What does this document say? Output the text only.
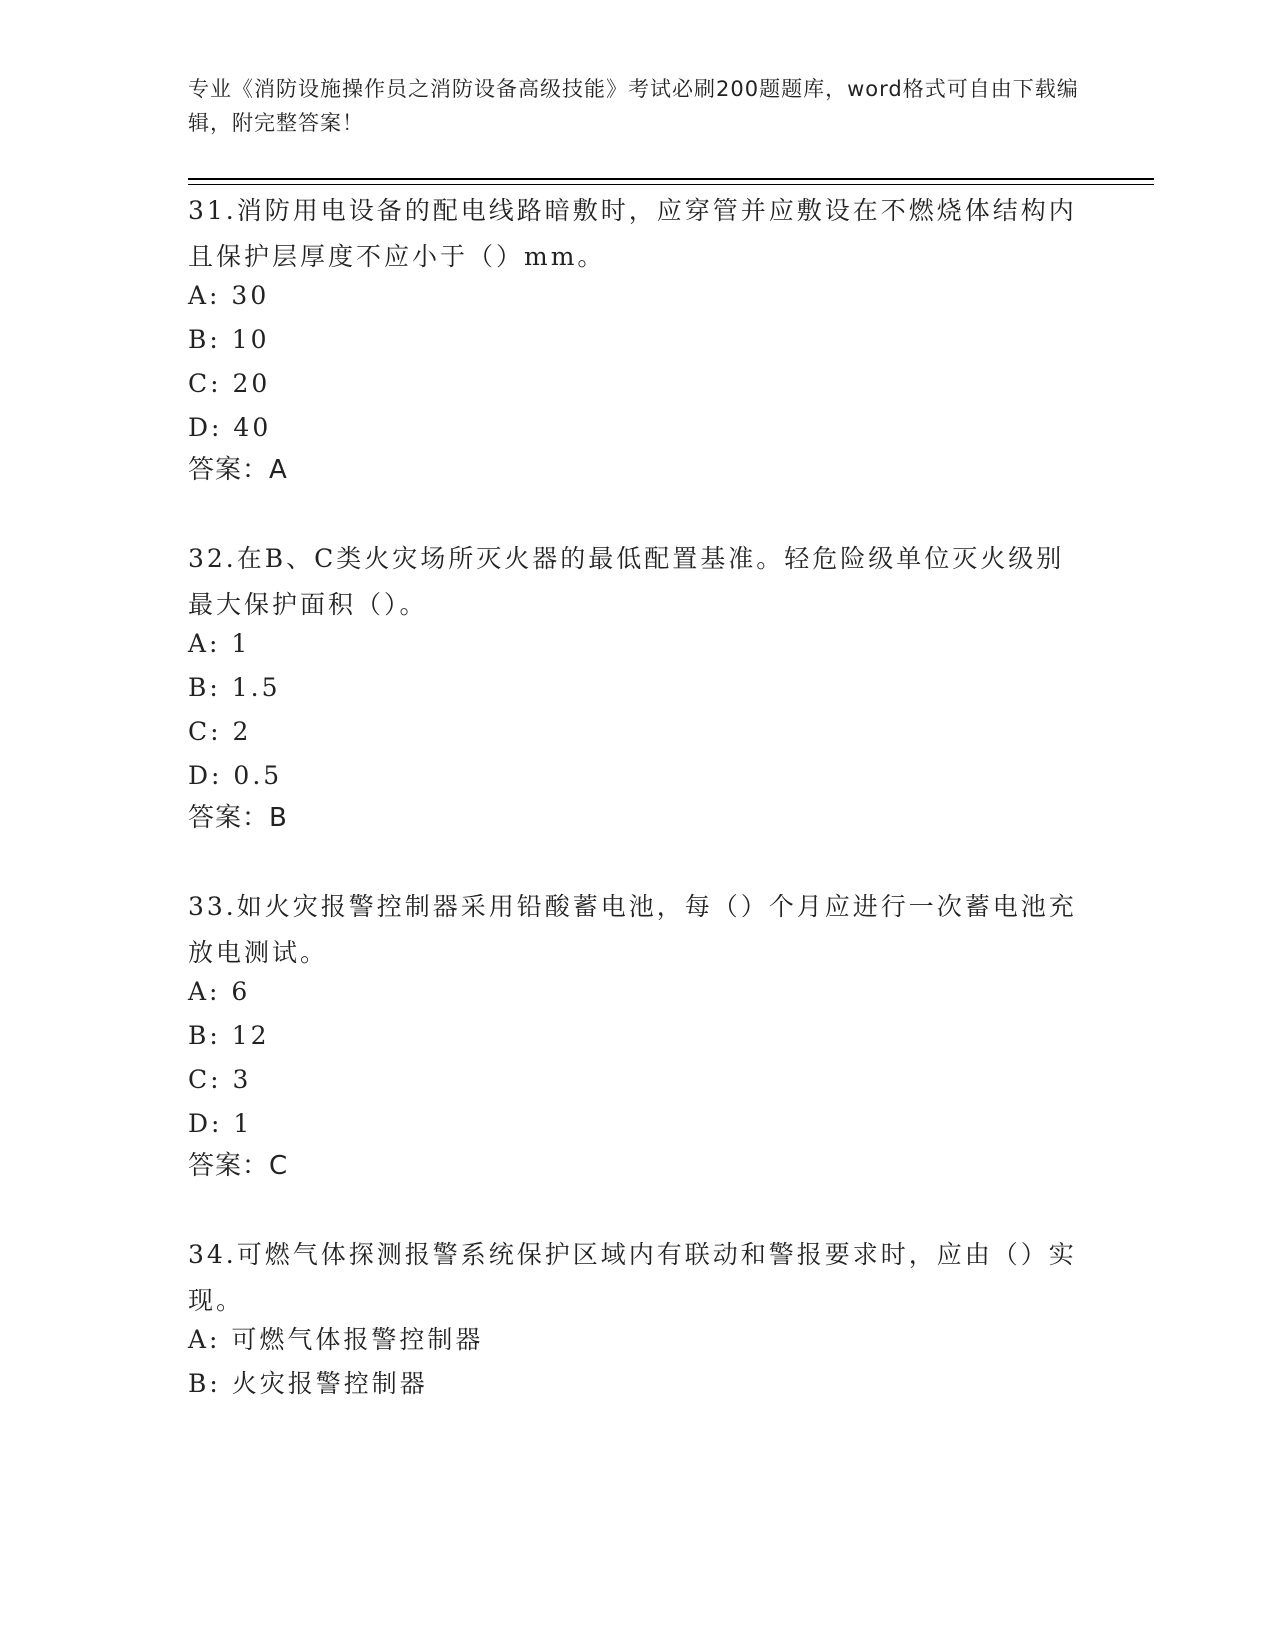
专业《消防设施操作员之消防设备高级技能》考试必刷200题题库，word格式可自由下载编辑，附完整答案！
31.消防用电设备的配电线路暗敷时，应穿管并应敷设在不燃烧体结构内且保护层厚度不应小于（）mm。
A: 30
B: 10
C: 20
D: 40
答案：A
32.在B、C类火灾场所灭火器的最低配置基准。轻危险级单位灭火级别最大保护面积（）。
A: 1
B: 1.5
C: 2
D: 0.5
答案：B
33.如火灾报警控制器采用铅酸蓄电池，每（）个月应进行一次蓄电池充放电测试。
A: 6
B: 12
C: 3
D: 1
答案：C
34.可燃气体探测报警系统保护区域内有联动和警报要求时，应由（）实现。
A: 可燃气体报警控制器
B: 火灾报警控制器
